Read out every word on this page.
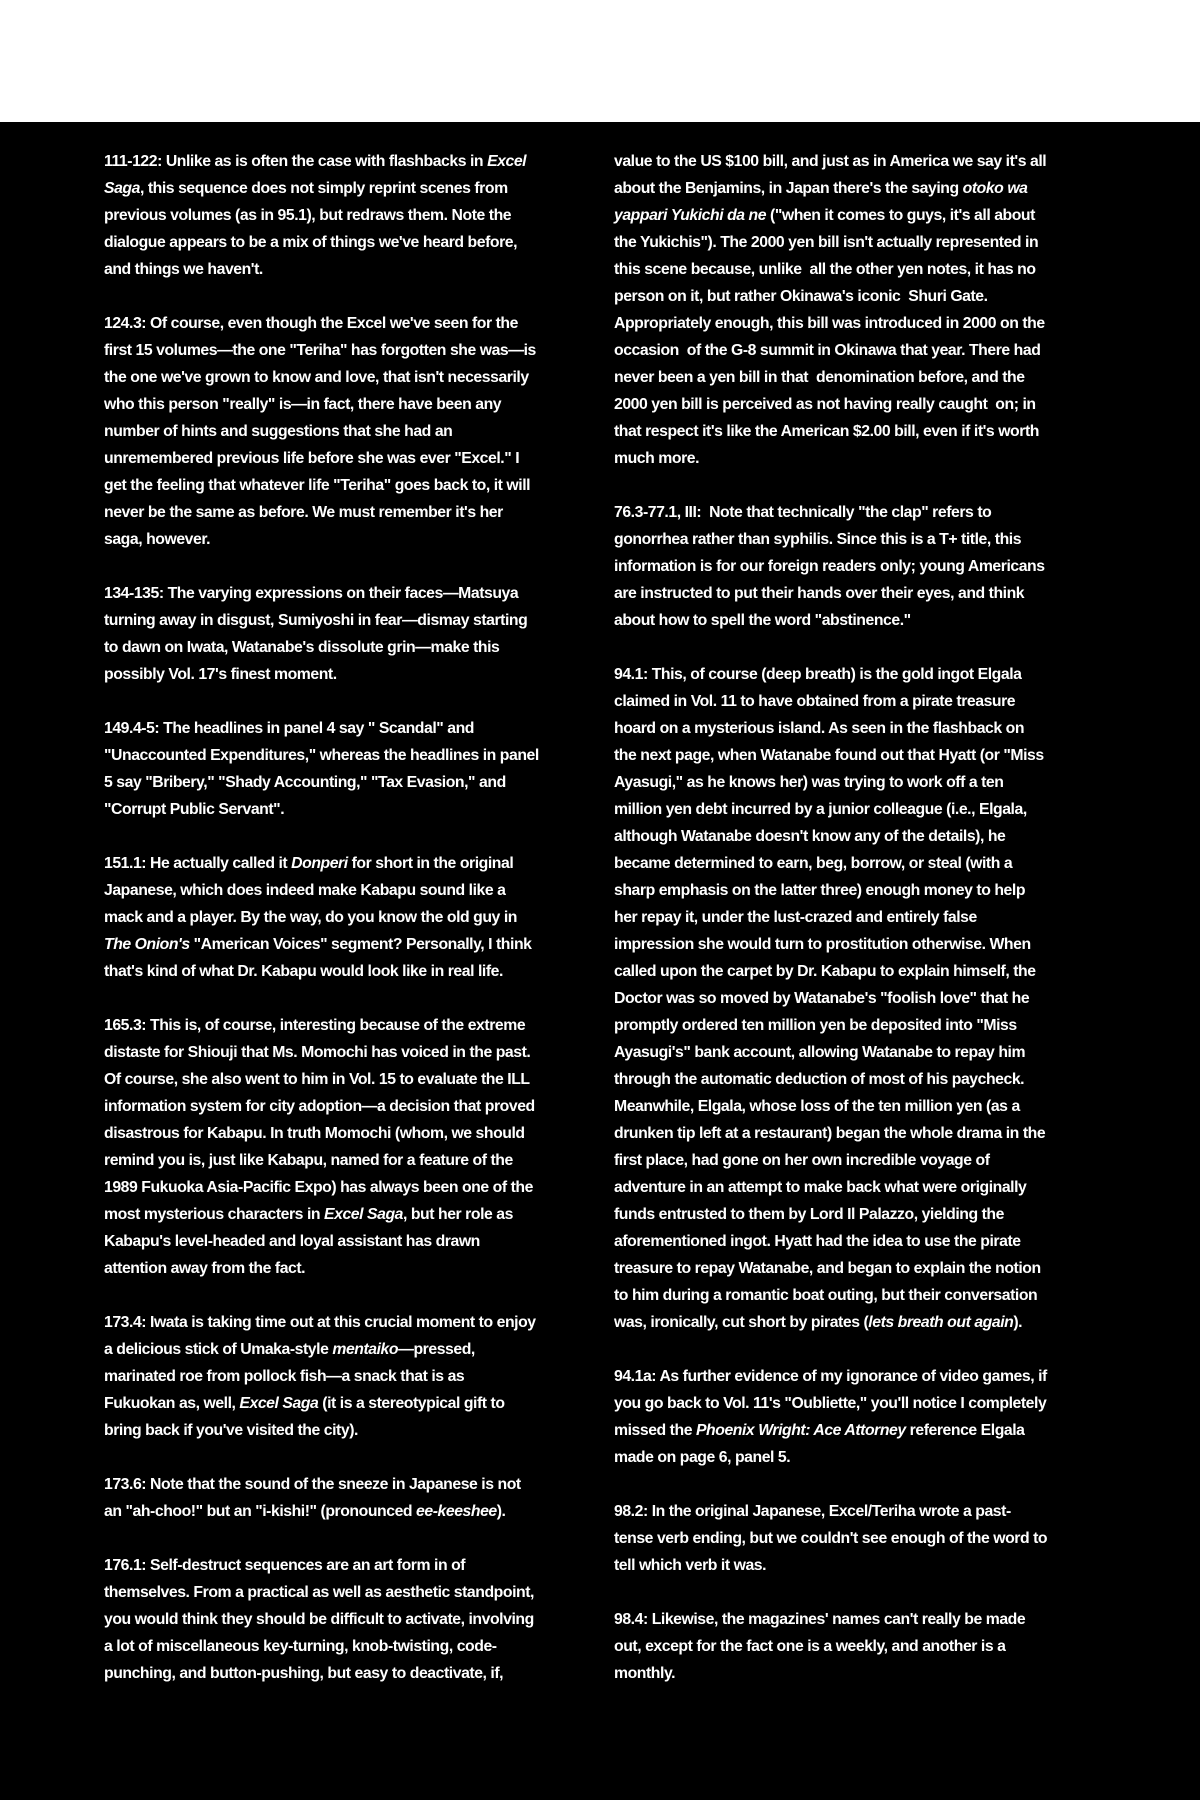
111-122: Unlike as is often the case with flashbacks in Excel Saga, this sequence does not simply reprint scenes from previous volumes (as in 95.1), but redraws them. Note the dialogue appears to be a mix of things we've heard before, and things we haven't.

124.3: Of course, even though the Excel we've seen for the first 15 volumes—the one "Teriha" has forgotten she was—is the one we've grown to know and love, that isn't necessarily who this person "really" is—in fact, there have been any number of hints and suggestions that she had an unremembered previous life before she was ever "Excel." I get the feeling that whatever life "Teriha" goes back to, it will never be the same as before. We must remember it's her saga, however.

134-135: The varying expressions on their faces—Matsuya turning away in disgust, Sumiyoshi in fear—dismay starting to dawn on Iwata, Watanabe's dissolute grin—make this possibly Vol. 17's finest moment.

149.4-5: The headlines in panel 4 say " Scandal" and "Unaccounted Expenditures," whereas the headlines in panel 5 say "Bribery," "Shady Accounting," "Tax Evasion," and "Corrupt Public Servant".

151.1: He actually called it Donperi for short in the original Japanese, which does indeed make Kabapu sound like a mack and a player. By the way, do you know the old guy in The Onion's "American Voices" segment? Personally, I think that's kind of what Dr. Kabapu would look like in real life.

165.3: This is, of course, interesting because of the extreme distaste for Shiouji that Ms. Momochi has voiced in the past. Of course, she also went to him in Vol. 15 to evaluate the ILL information system for city adoption—a decision that proved disastrous for Kabapu. In truth Momochi (whom, we should remind you is, just like Kabapu, named for a feature of the 1989 Fukuoka Asia-Pacific Expo) has always been one of the most mysterious characters in Excel Saga, but her role as Kabapu's level-headed and loyal assistant has drawn attention away from the fact.

173.4: Iwata is taking time out at this crucial moment to enjoy a delicious stick of Umaka-style mentaiko—pressed, marinated roe from pollock fish—a snack that is as Fukuokan as, well, Excel Saga (it is a stereotypical gift to bring back if you've visited the city).

173.6: Note that the sound of the sneeze in Japanese is not an "ah-choo!" but an "i-kishi!" (pronounced ee-keeshee).

176.1: Self-destruct sequences are an art form in of themselves. From a practical as well as aesthetic standpoint, you would think they should be difficult to activate, involving a lot of miscellaneous key-turning, knob-twisting, code-punching, and button-pushing, but easy to deactivate, if,

value to the US $100 bill, and just as in America we say it's all about the Benjamins, in Japan there's the saying otoko wa yappari Yukichi da ne ("when it comes to guys, it's all about the Yukichis"). The 2000 yen bill isn't actually represented in this scene because, unlike  all the other yen notes, it has no person on it, but rather Okinawa's iconic  Shuri Gate. Appropriately enough, this bill was introduced in 2000 on the occasion  of the G-8 summit in Okinawa that year. There had never been a yen bill in that  denomination before, and the 2000 yen bill is perceived as not having really caught  on; in that respect it's like the American $2.00 bill, even if it's worth much more.

76.3-77.1, III:  Note that technically "the clap" refers to gonorrhea rather than syphilis. Since this is a T+ title, this information is for our foreign readers only; young Americans are instructed to put their hands over their eyes, and think about how to spell the word "abstinence."

94.1: This, of course (deep breath) is the gold ingot Elgala claimed in Vol. 11 to have obtained from a pirate treasure hoard on a mysterious island. As seen in the flashback on the next page, when Watanabe found out that Hyatt (or "Miss Ayasugi," as he knows her) was trying to work off a ten million yen debt incurred by a junior colleague (i.e., Elgala, although Watanabe doesn't know any of the details), he became determined to earn, beg, borrow, or steal (with a sharp emphasis on the latter three) enough money to help her repay it, under the lust-crazed and entirely false impression she would turn to prostitution otherwise. When called upon the carpet by Dr. Kabapu to explain himself, the Doctor was so moved by Watanabe's "foolish love" that he promptly ordered ten million yen be deposited into "Miss Ayasugi's" bank account, allowing Watanabe to repay him through the automatic deduction of most of his paycheck. Meanwhile, Elgala, whose loss of the ten million yen (as a drunken tip left at a restaurant) began the whole drama in the first place, had gone on her own incredible voyage of adventure in an attempt to make back what were originally funds entrusted to them by Lord Il Palazzo, yielding the aforementioned ingot. Hyatt had the idea to use the pirate treasure to repay Watanabe, and began to explain the notion to him during a romantic boat outing, but their conversation was, ironically, cut short by pirates (lets breath out again).

94.1a: As further evidence of my ignorance of video games, if you go back to Vol. 11's "Oubliette," you'll notice I completely missed the Phoenix Wright: Ace Attorney reference Elgala made on page 6, panel 5.

98.2: In the original Japanese, Excel/Teriha wrote a past-tense verb ending, but we couldn't see enough of the word to tell which verb it was.

98.4: Likewise, the magazines' names can't really be made out, except for the fact one is a weekly, and another is a monthly.
